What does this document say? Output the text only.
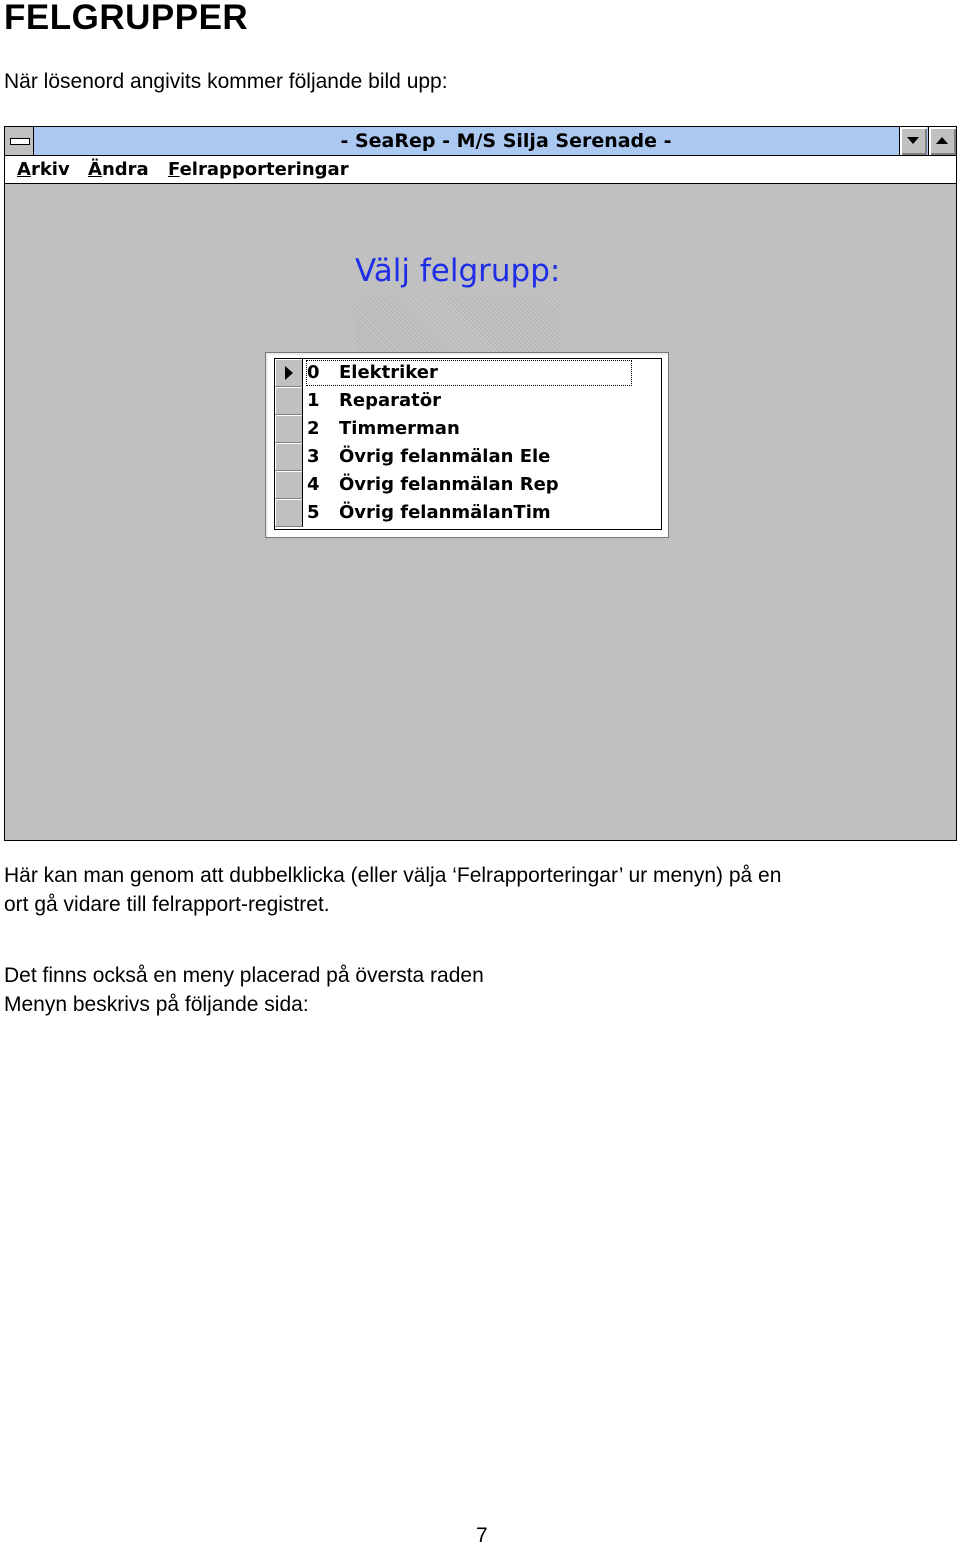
FELGRUPPER
När lösenord angivits kommer följande bild upp:
- SeaRep - M/S Silja Serenade -
Arkiv Ändra Felrapporteringar
Välj felgrupp:
0 Elektriker
1 Reparatör
2 Timmerman
3 Övrig felanmälan Ele
4 Övrig felanmälan Rep
5 Övrig felanmälanTim
Här kan man genom att dubbelklicka (eller välja ‘Felrapporteringar’ ur menyn) på en
ort gå vidare till felrapport-registret.
Det finns också en meny placerad på översta raden
Menyn beskrivs på följande sida:
7
